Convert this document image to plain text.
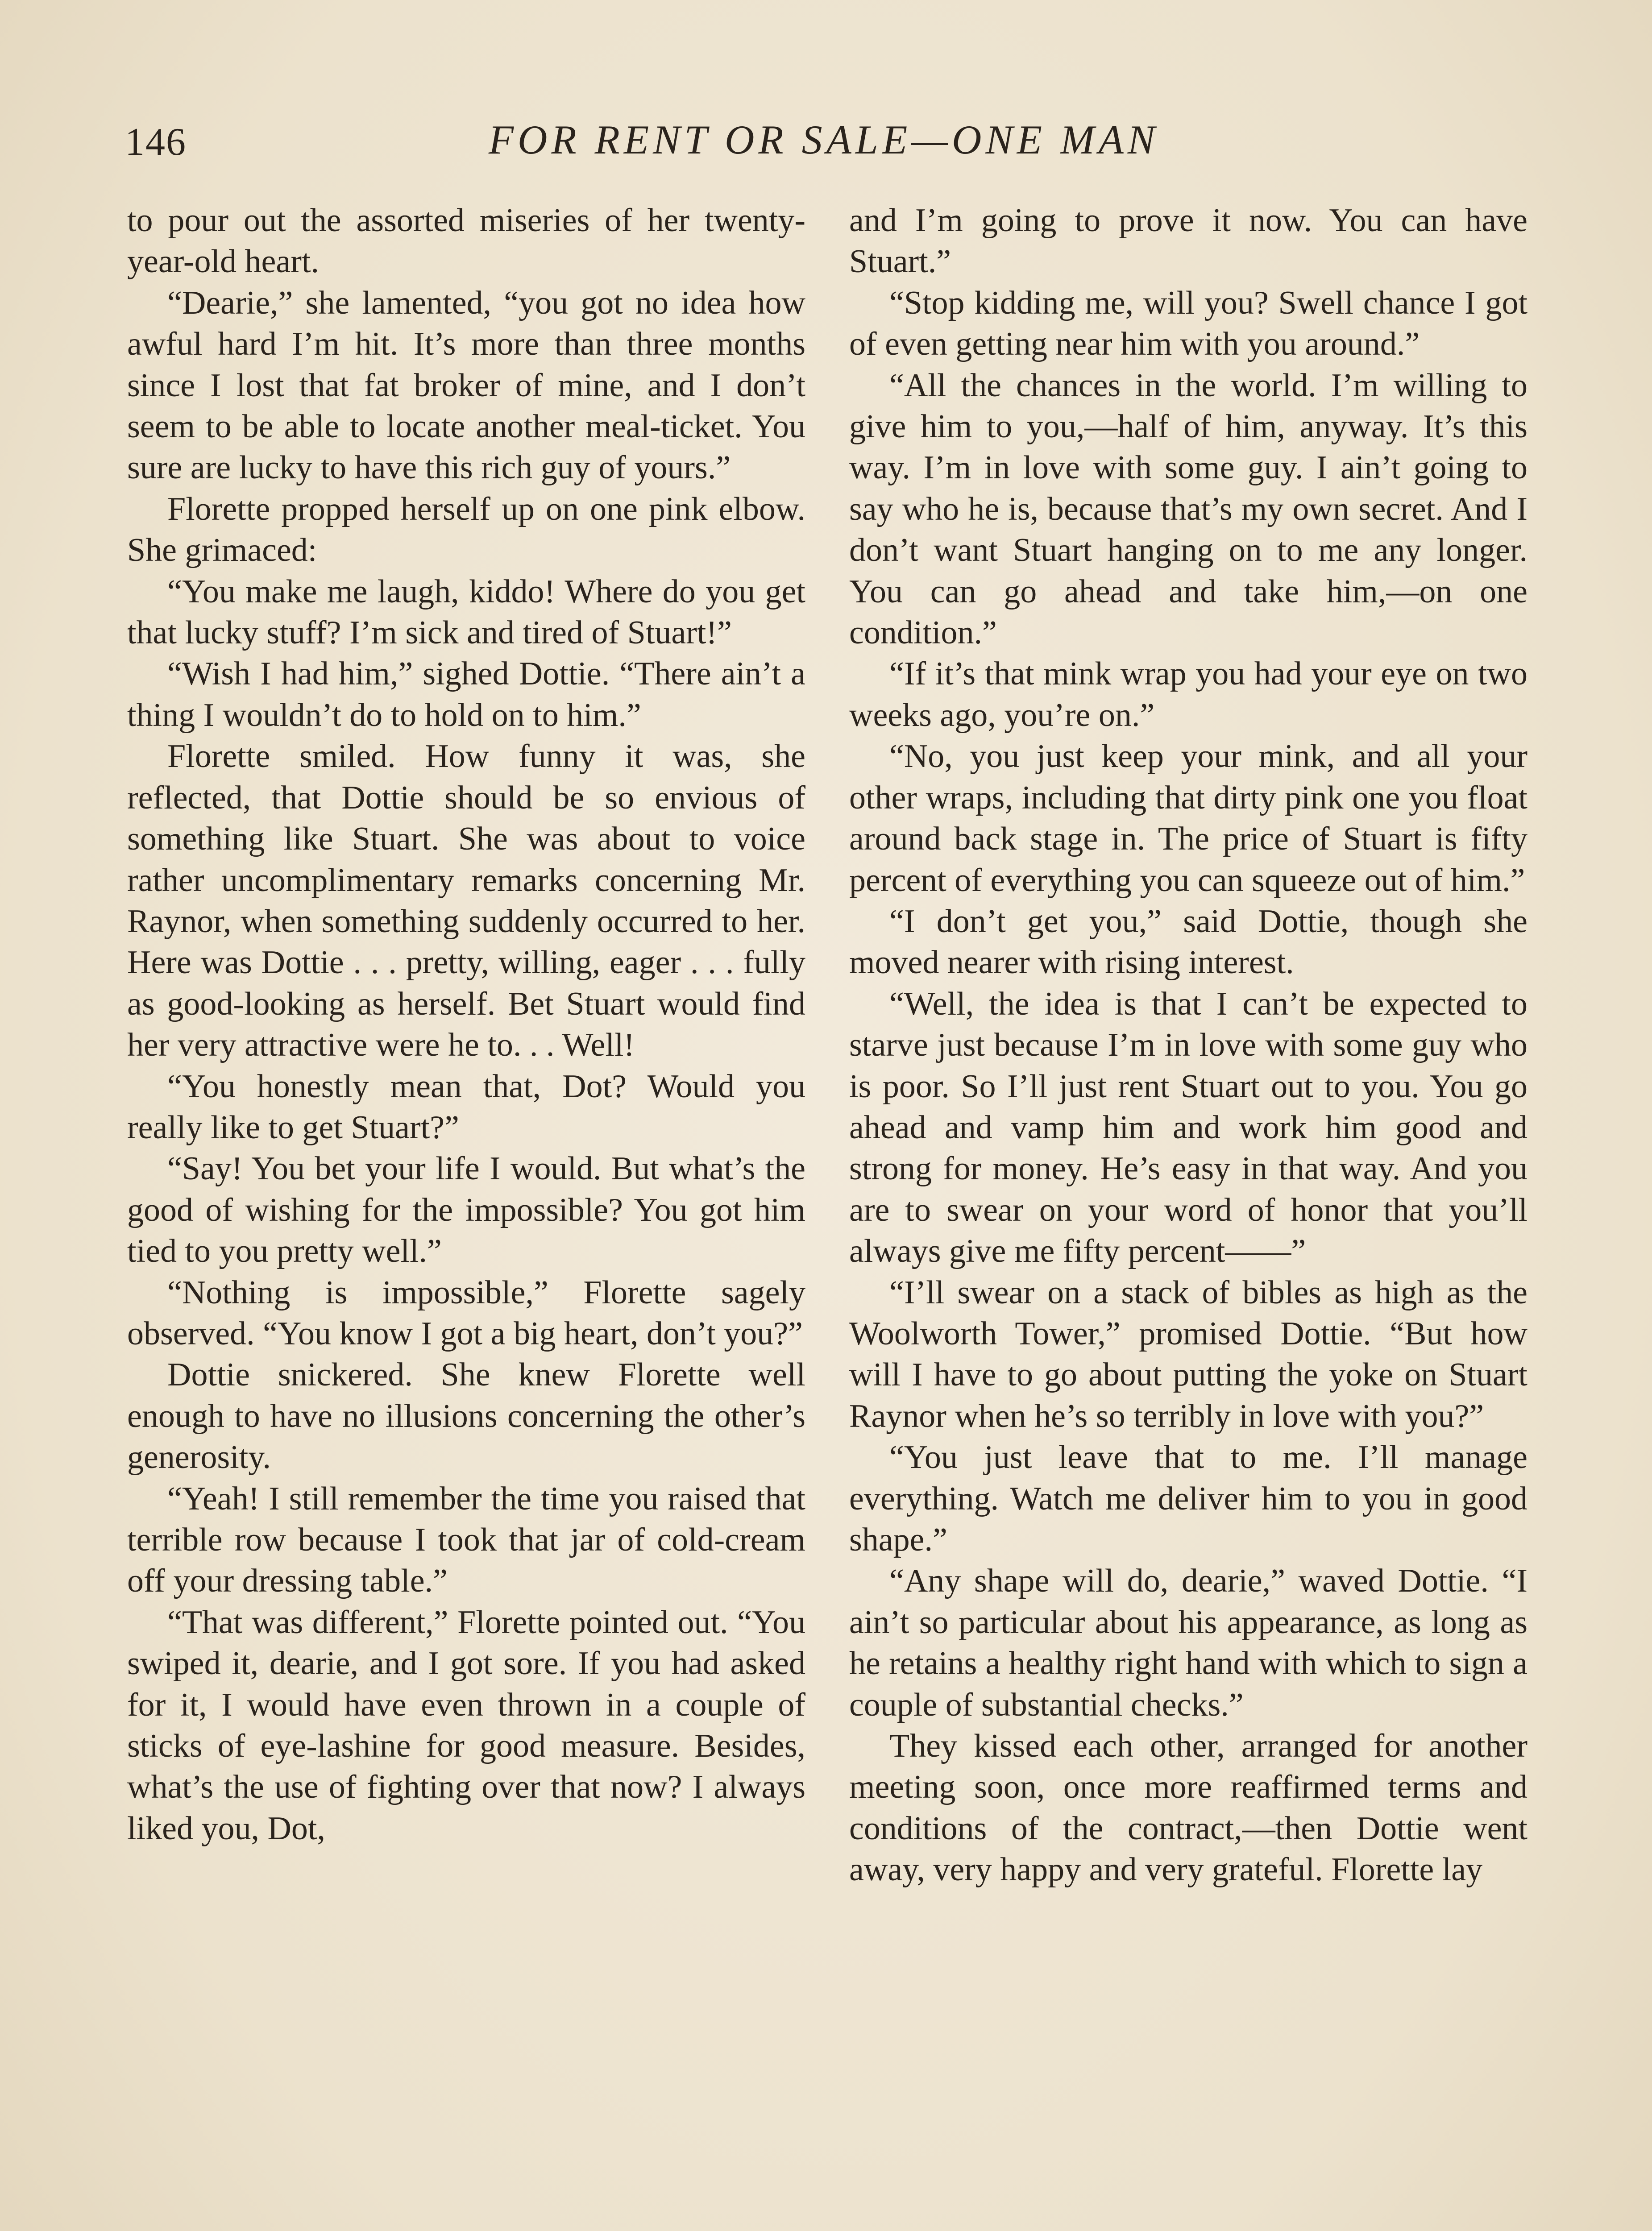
146	FOR RENT OR SALE—ONE MAN

to pour out the assorted miseries of her twenty-year-old heart.

“Dearie,” she lamented, “you got no idea how awful hard I’m hit. It’s more than three months since I lost that fat broker of mine, and I don’t seem to be able to locate another meal-ticket. You sure are lucky to have this rich guy of yours.”

Florette propped herself up on one pink elbow. She grimaced:

“You make me laugh, kiddo! Where do you get that lucky stuff? I’m sick and tired of Stuart!”

“Wish I had him,” sighed Dottie. “There ain’t a thing I wouldn’t do to hold on to him.”

Florette smiled. How funny it was, she reflected, that Dottie should be so envious of something like Stuart. She was about to voice rather uncomplimentary remarks concerning Mr. Raynor, when something suddenly occurred to her. Here was Dottie . . . pretty, willing, eager . . . fully as good-looking as herself. Bet Stuart would find her very attractive were he to. . . Well!

“You honestly mean that, Dot? Would you really like to get Stuart?”

“Say! You bet your life I would. But what’s the good of wishing for the impossible? You got him tied to you pretty well.”

“Nothing is impossible,” Florette sagely observed. “You know I got a big heart, don’t you?”

Dottie snickered. She knew Florette well enough to have no illusions concerning the other’s generosity.

“Yeah! I still remember the time you raised that terrible row because I took that jar of cold-cream off your dressing table.”

“That was different,” Florette pointed out. “You swiped it, dearie, and I got sore. If you had asked for it, I would have even thrown in a couple of sticks of eye-lashine for good measure. Besides, what’s the use of fighting over that now? I always liked you, Dot,

and I’m going to prove it now. You can have Stuart.”

“Stop kidding me, will you? Swell chance I got of even getting near him with you around.”

“All the chances in the world. I’m willing to give him to you,—half of him, anyway. It’s this way. I’m in love with some guy. I ain’t going to say who he is, because that’s my own secret. And I don’t want Stuart hanging on to me any longer. You can go ahead and take him,—on one condition.”

“If it’s that mink wrap you had your eye on two weeks ago, you’re on.”

“No, you just keep your mink, and all your other wraps, including that dirty pink one you float around back stage in. The price of Stuart is fifty percent of everything you can squeeze out of him.”

“I don’t get you,” said Dottie, though she moved nearer with rising interest.

“Well, the idea is that I can’t be expected to starve just because I’m in love with some guy who is poor. So I’ll just rent Stuart out to you. You go ahead and vamp him and work him good and strong for money. He’s easy in that way. And you are to swear on your word of honor that you’ll always give me fifty percent——”

“I’ll swear on a stack of bibles as high as the Woolworth Tower,” promised Dottie. “But how will I have to go about putting the yoke on Stuart Raynor when he’s so terribly in love with you?”

“You just leave that to me. I’ll manage everything. Watch me deliver him to you in good shape.”

“Any shape will do, dearie,” waved Dottie. “I ain’t so particular about his appearance, as long as he retains a healthy right hand with which to sign a couple of substantial checks.”

They kissed each other, arranged for another meeting soon, once more reaffirmed terms and conditions of the contract,—then Dottie went away, very happy and very grateful. Florette lay
